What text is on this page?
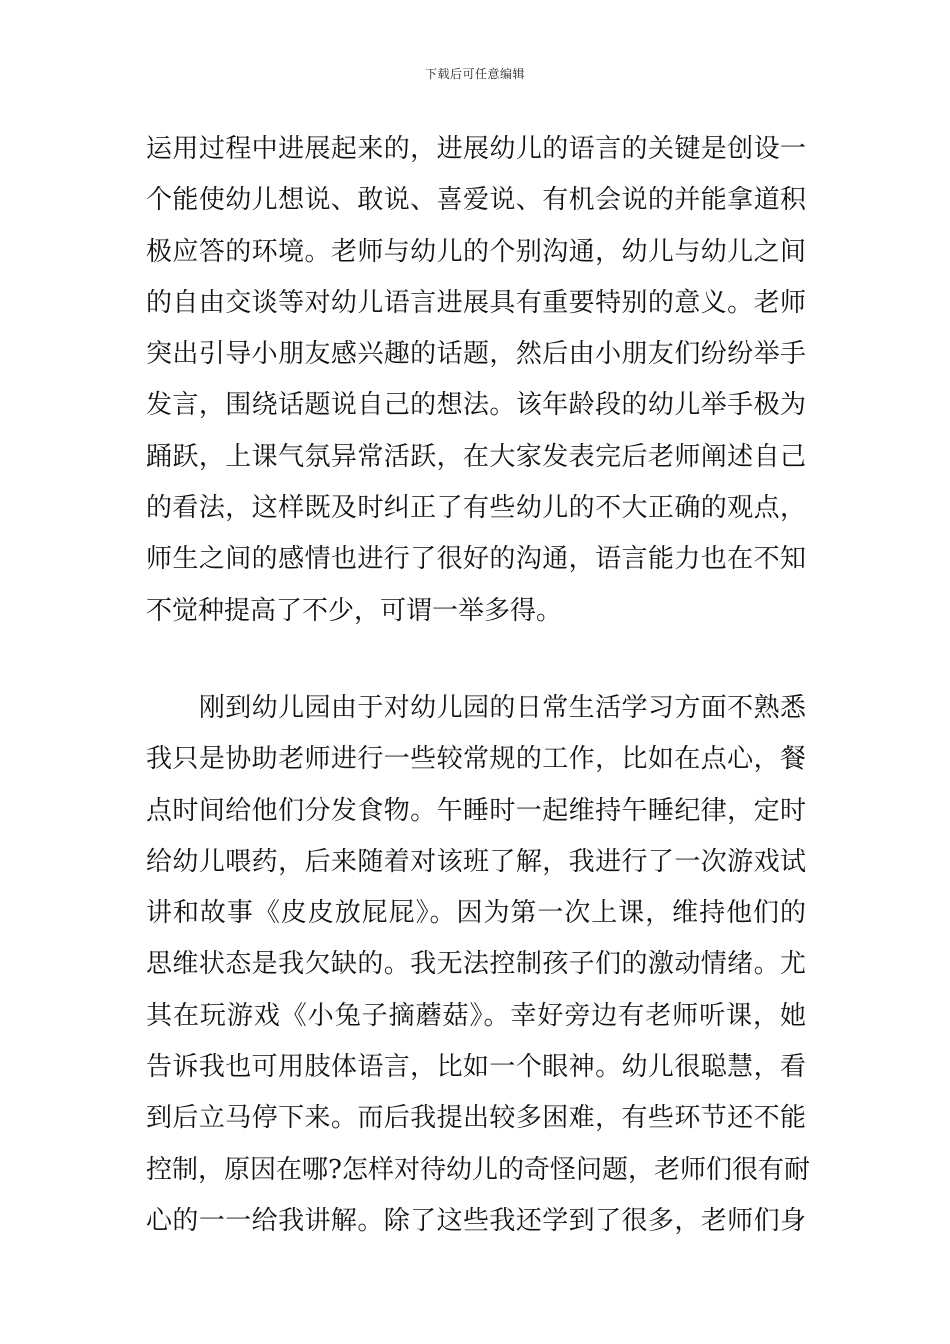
下载后可任意编辑
运用过程中进展起来的，进展幼儿的语言的关键是创设一
个能使幼儿想说、敢说、喜爱说、有机会说的并能拿道积
极应答的环境。老师与幼儿的个别沟通，幼儿与幼儿之间
的自由交谈等对幼儿语言进展具有重要特别的意义。老师
突出引导小朋友感兴趣的话题，然后由小朋友们纷纷举手
发言，围绕话题说自己的想法。该年龄段的幼儿举手极为
踊跃，上课气氛异常活跃，在大家发表完后老师阐述自己
的看法，这样既及时纠正了有些幼儿的不大正确的观点，
师生之间的感情也进行了很好的沟通，语言能力也在不知
不觉种提高了不少，可谓一举多得。
　　刚到幼儿园由于对幼儿园的日常生活学习方面不熟悉
我只是协助老师进行一些较常规的工作，比如在点心，餐
点时间给他们分发食物。午睡时一起维持午睡纪律，定时
给幼儿喂药，后来随着对该班了解，我进行了一次游戏试
讲和故事《皮皮放屁屁》。因为第一次上课，维持他们的
思维状态是我欠缺的。我无法控制孩子们的激动情绪。尤
其在玩游戏《小兔子摘蘑菇》。幸好旁边有老师听课，她
告诉我也可用肢体语言，比如一个眼神。幼儿很聪慧，看
到后立马停下来。而后我提出较多困难，有些环节还不能
控制，原因在哪?怎样对待幼儿的奇怪问题，老师们很有耐
心的一一给我讲解。除了这些我还学到了很多，老师们身
